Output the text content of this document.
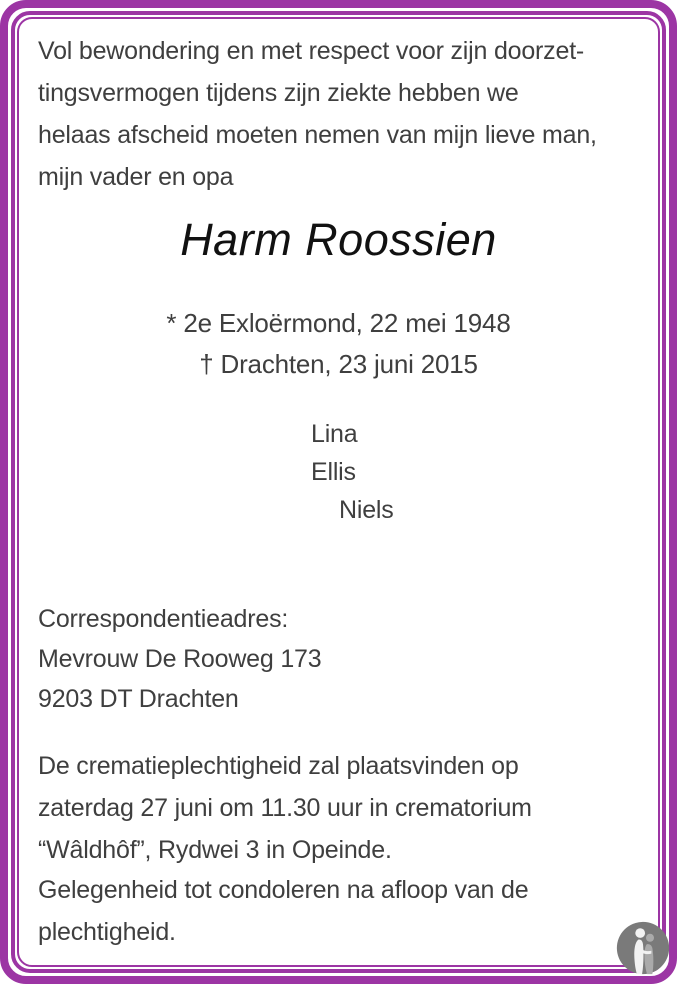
Vol bewondering en met respect voor zijn doorzet-
tingsvermogen tijdens zijn ziekte hebben we
helaas afscheid moeten nemen van mijn lieve man,
mijn vader en opa
Harm Roossien
* 2e Exloërmond, 22 mei 1948
† Drachten, 23 juni 2015
Lina
Ellis
Niels
Correspondentieadres:
Mevrouw De Rooweg 173
9203 DT Drachten
De crematieplechtigheid zal plaatsvinden op
zaterdag 27 juni om 11.30 uur in crematorium
“Wâldhôf”, Rydwei 3 in Opeinde.
Gelegenheid tot condoleren na afloop van de
plechtigheid.
